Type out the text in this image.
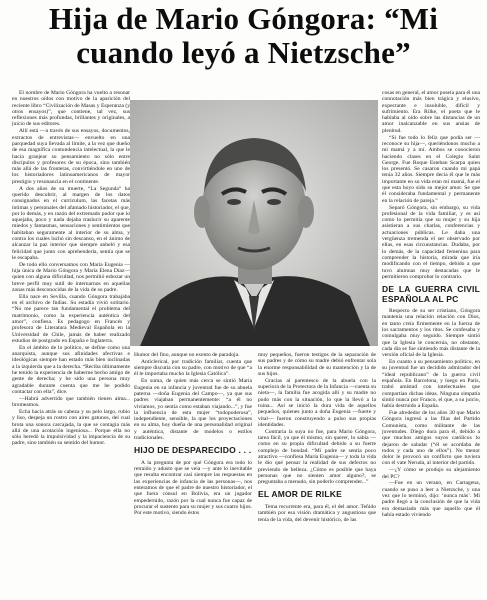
Hija de Mario Góngora: “Mi
cuando leyó a Nietzsche”

El nombre de Mario Góngora ha vuelto a resonar en nuestros oídos con motivo de la aparición del reciente libro “Civilización de Masas y Esperanza (y otros ensayos)”, que contiene, tal vez, sus reflexiones más profundas, brillantes y originales, a juicio de sus editores.

Allí está —a través de sus ensayos, documentos, extractos de entrevistas— envuelto en una parquedad suya llevada al límite, a la vez que dueño de esa magnífica contundencia intelectual, la que le hacía granjear su pensamiento no sólo entre discípulos y profesores de su época, sino también más allá de las fronteras, convirtiéndole en uno de los historiadores latinoamericanos de mayor prestigio y resonancia en el continente.

A dos años de su muerte, “La Segunda” ha querido descubrir, al margen de los datos consignados en el currículum, las facetas más íntimas y personales del afamado historiador, el que, por lo demás, y en razón del extremado pudor que lo aquejaba, poco y nada dejaba traslucir su aparente miedos y fantasmas, sensaciones y sentimientos que habitaban seguramente al interior de su alma, y contra los cuales luchó sin descanso, en el ánimo de alcanzar la paz interior que siempre anheló y esa felicidad que junto con aprehenderla, sentía que se le escapaba.

De todo ello conversamos con María Eugenia —hija única de Mario Góngora y María Elena Díaz— quien con alguna dificultad, nos permitió esbozar un breve perfil muy sutil de internarnos en aquellas zonas más desconocidas de la vida de su padre.

Ella nace en Sevilla, cuando Góngora trabajaba en el archivo de Indias. Su estadía vivió solitario. “No me parece tan fundamental el problema del matrimonio, como la experiencia auténtica del amor”, confiesa. Es pedagogo en Francés y profesora de Literatura Medieval Española en la Universidad de Chile, jamás de haber realizado estudios de postgrado en España e Inglaterra.

En el ámbito de lo político, se define como una anarquista, aunque sus afinidades afectivas e ideológicas siempre han estado más bien inclinadas a la izquierda que a la derecha. “Reciba últimamente he tenido la experiencia de haberme hecho amigo de gente de derecha; y he sido una persona muy agradable durante cuenta que me he podido contactar con ella”, dice.

—Habrá advertido que también tienen alma... bromeamos.

Echa hacia atrás su cabeza y su pelo largo, rubio y liso, despeja un rostro con aires gatunos, del cual brota una sonora carcajada, la que se contagia más allá de una acotación ingeniosa... Porque ella no sólo heredó la impulsividad y la impaciencia de su padre, sino también su sentido del humor.

Humor del fino, aunque no exento de paradoja.

Anticlerical, por tradición familiar, cuenta que siempre discutía con su padre, con motivo de que “a él le importaba mucho la Iglesia Católica”.

En suma, de quien más cerca se sintió María Eugenia en su infancia y juventud fue de su abuela paterna —doña Eugenia del Campo—, ya que sus padres viajaban permanentemente: “a él no vivíamos, yo sentía como estaban viajando...”, y fue la influencia de esta mujer “todopoderosa”, independiente, sensible, la que los proyectaciones en su alma, hoy dueña de una personalidad original y auténtica, distante de modelos o estilos tradicionales.

HIJO DE DESPARECIDO . . .

A la pregunta de por qué Góngora era todo lo retraído y adusto que se veía —y ante lo inevitable que resulta encontrar casi siempre las respuestas en las experiencias de infancia de las personas—, nos enteramos de que el padre de nuestro historiador, el que fuera cónsul en Bolivia, era un jugador empedernido, razón por la cual nunca fue capaz de procurar el sustento para su mujer y sus cuatro hijos. Por este motivo, siendo éstos

muy pequeños, fueron testigos de la separación de sus padres y de cómo su madre debió enfrentar sola la enorme responsabilidad de su mantención y la de sus hijos.

Gracias al parentesco de la abuela con la superiora de la Protectora de la Infancia —cuenta su nieta—, la familia fue acogida allí y su madre no pudo más con la situación, lo que la llevó a la ruina... Así se inició la dura vida de aquellos pequeños, quienes junto a doña Eugenia —fuerte y vital— fueron construyendo a pulso sus propias identidades.

Contraria la suya no fue, para Mario Góngora, tarea fácil, ya que él mismo, sin querer, lo sabía —como en su propia dificultad debido a su fuerte complejo de bondad. “Mi padre se sentía poco atractivo —confiesa María Eugenia— y toda la vida le dio qué pensar la realidad de sus defectos no previendo de belleza. ¿Cómo es posible que haya personas que no sienten amor alguno?, se preguntaba a menudo, sin poderlo comprender...”

EL AMOR DE RILKE

Tema recurrente era, para él, el del amor. Teñido también por esa visión dramática y angustiosa que tenía de la vida, del devenir histórico, de las

cosas en general, el amor poseía para él una connotación más bien trágica y elusivo, expectante e insoluble, difícil y sufrimiento. Era Rilke, el poeta que le hablaba al oído sobre las distancias de un amor inalcanzable en sus ansias de plenitud.

“Si fue todo lo feliz que podía ser —reconoce su hija—, queriéndonos mucho a mi mamá y a mí. Ambos se conocieron haciendo clases en el Colegio Saint George. Fue Roque Esteban Scarpa quien los presentó. Se casaron cuando mi papá tenía 32 años. Siempre decía él que le más importante en su vida eran mi mamá, fue el que esta hoyo sido su mejor amor. Se que él consideraba fundamental y permanente en la relación de pareja.”

Separó Góngora, sin embargo, su vida profesional de la vida familiar, y es así como lo permitía que su mujer y su hija asistieran a sus charlas, conferencias y actuaciones públicas. Le daba una vergüenza tremenda el ser observado por ellas, en esas circunstancias. Dudaba, por lo demás, de la capacidad femenina para comprender la historia, mirada que iría modificando con el tiempo, debido a que tuvo alumnas muy destacadas que le permitieron comprobar lo contrario.

DE LA GUERRA CIVIL ESPAÑOLA AL PC

Respecto de su ser cristiano, Góngora mantenía una relación relación con Dios, en tanto creía firmemente en la fuerza de los sacramentos y los ritos. Se confesaba y comulgaba muy seguido. Siempre sintió que la Iglesia le concernía, no obstante, cada día se fue sintiendo más distante de la versión oficial de la Iglesia.

En cuanto a su pensamiento político, en su juventud fue un decidido admirador del “ideal republicano” de la guerra civil española. En Barcelona, y luego en París, trabó amistad con intelectuales que compartían dichas ideas. Ninguna simpatía sintió nunca por Franco, el que, a su juicio, había destruido a España.

Fue alrededor de los años 30 que Mario Góngora ingresó a las filas del Partido Comunista, como militante de las juventudes. Diego dura para él, debido a que muchos amigos suyos católicos lo dejaron de saludar (“él se acordaba de todos y cada uno de ellos”). No menor dolor le provocó un conflicto que tuviera con el vate Neruda, al interior del partido.

—¿Y cómo se produjo su alejamiento del PC?

—Fue en un verano, en Cartagena, cuando se puso a leer a Nietzsche, y una vez que lo terminó, dijo: ‘nunca más’. Mi padre llegó a la conclusión de que la vida era demasiado más que aquello que él había estado viviendo
